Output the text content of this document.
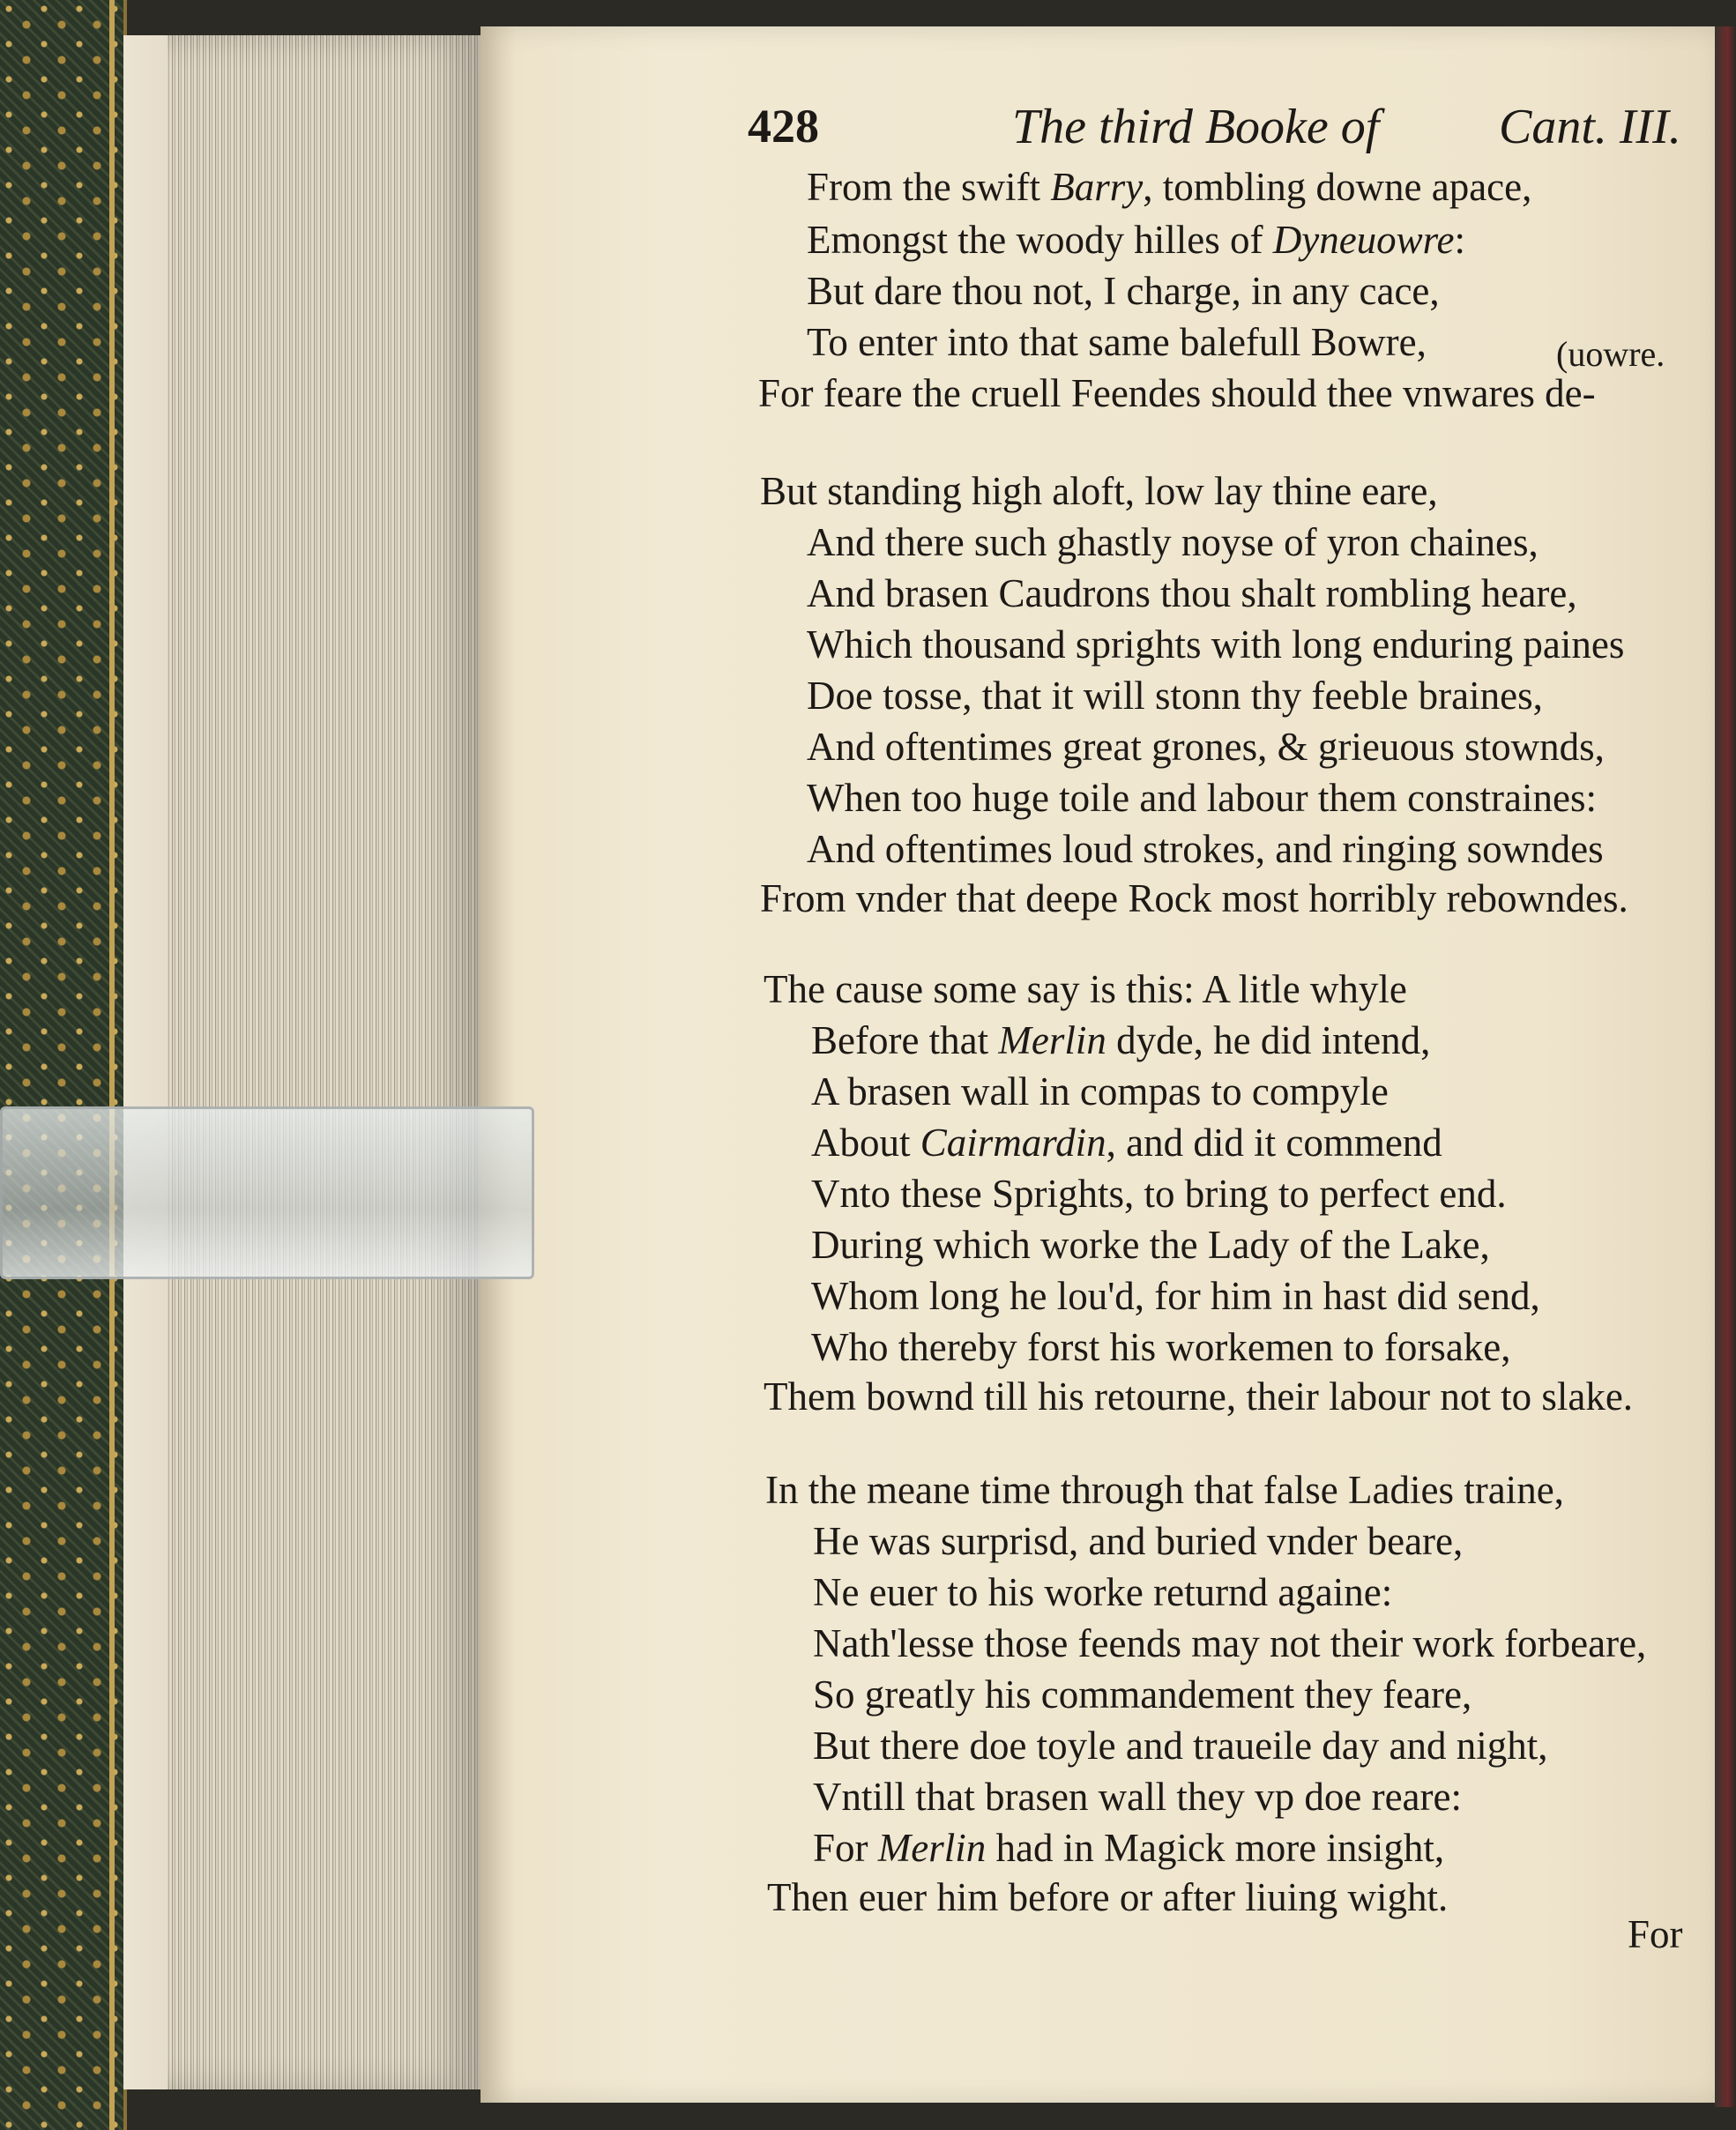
428	The third Booke of Cant. III.
From the swift Barry, tombling downe apace,
Emongst the woody hilles of Dyneuowre:
But dare thou not, I charge, in any cace,
To enter into that same balefull Bowre,	(uowre.
For feare the cruell Feendes should thee vnwares de-
But standing high aloft, low lay thine eare,
And there such ghastly noyse of yron chaines,
And brasen Caudrons thou shalt rombling heare,
Which thousand sprights with long enduring paines
Doe tosse, that it will stonn thy feeble braines,
And oftentimes great grones, & grieuous stownds,
When too huge toile and labour them constraines:
And oftentimes loud strokes, and ringing sowndes
From vnder that deepe Rock most horribly rebowndes.
The cause some say is this: A litle whyle
Before that Merlin dyde, he did intend,
A brasen wall in compas to compyle
About Cairmardin, and did it commend
Vnto these Sprights, to bring to perfect end.
During which worke the Lady of the Lake,
Whom long he lou'd, for him in hast did send,
Who thereby forst his workemen to forsake,
Them bownd till his retourne, their labour not to slake.
In the meane time through that false Ladies traine,
He was surprisd, and buried vnder beare,
Ne euer to his worke returnd againe:
Nath'lesse those feends may not their work forbeare,
So greatly his commandement they feare,
But there doe toyle and traueile day and night,
Vntill that brasen wall they vp doe reare:
For Merlin had in Magick more insight,
Then euer him before or after liuing wight.
For
